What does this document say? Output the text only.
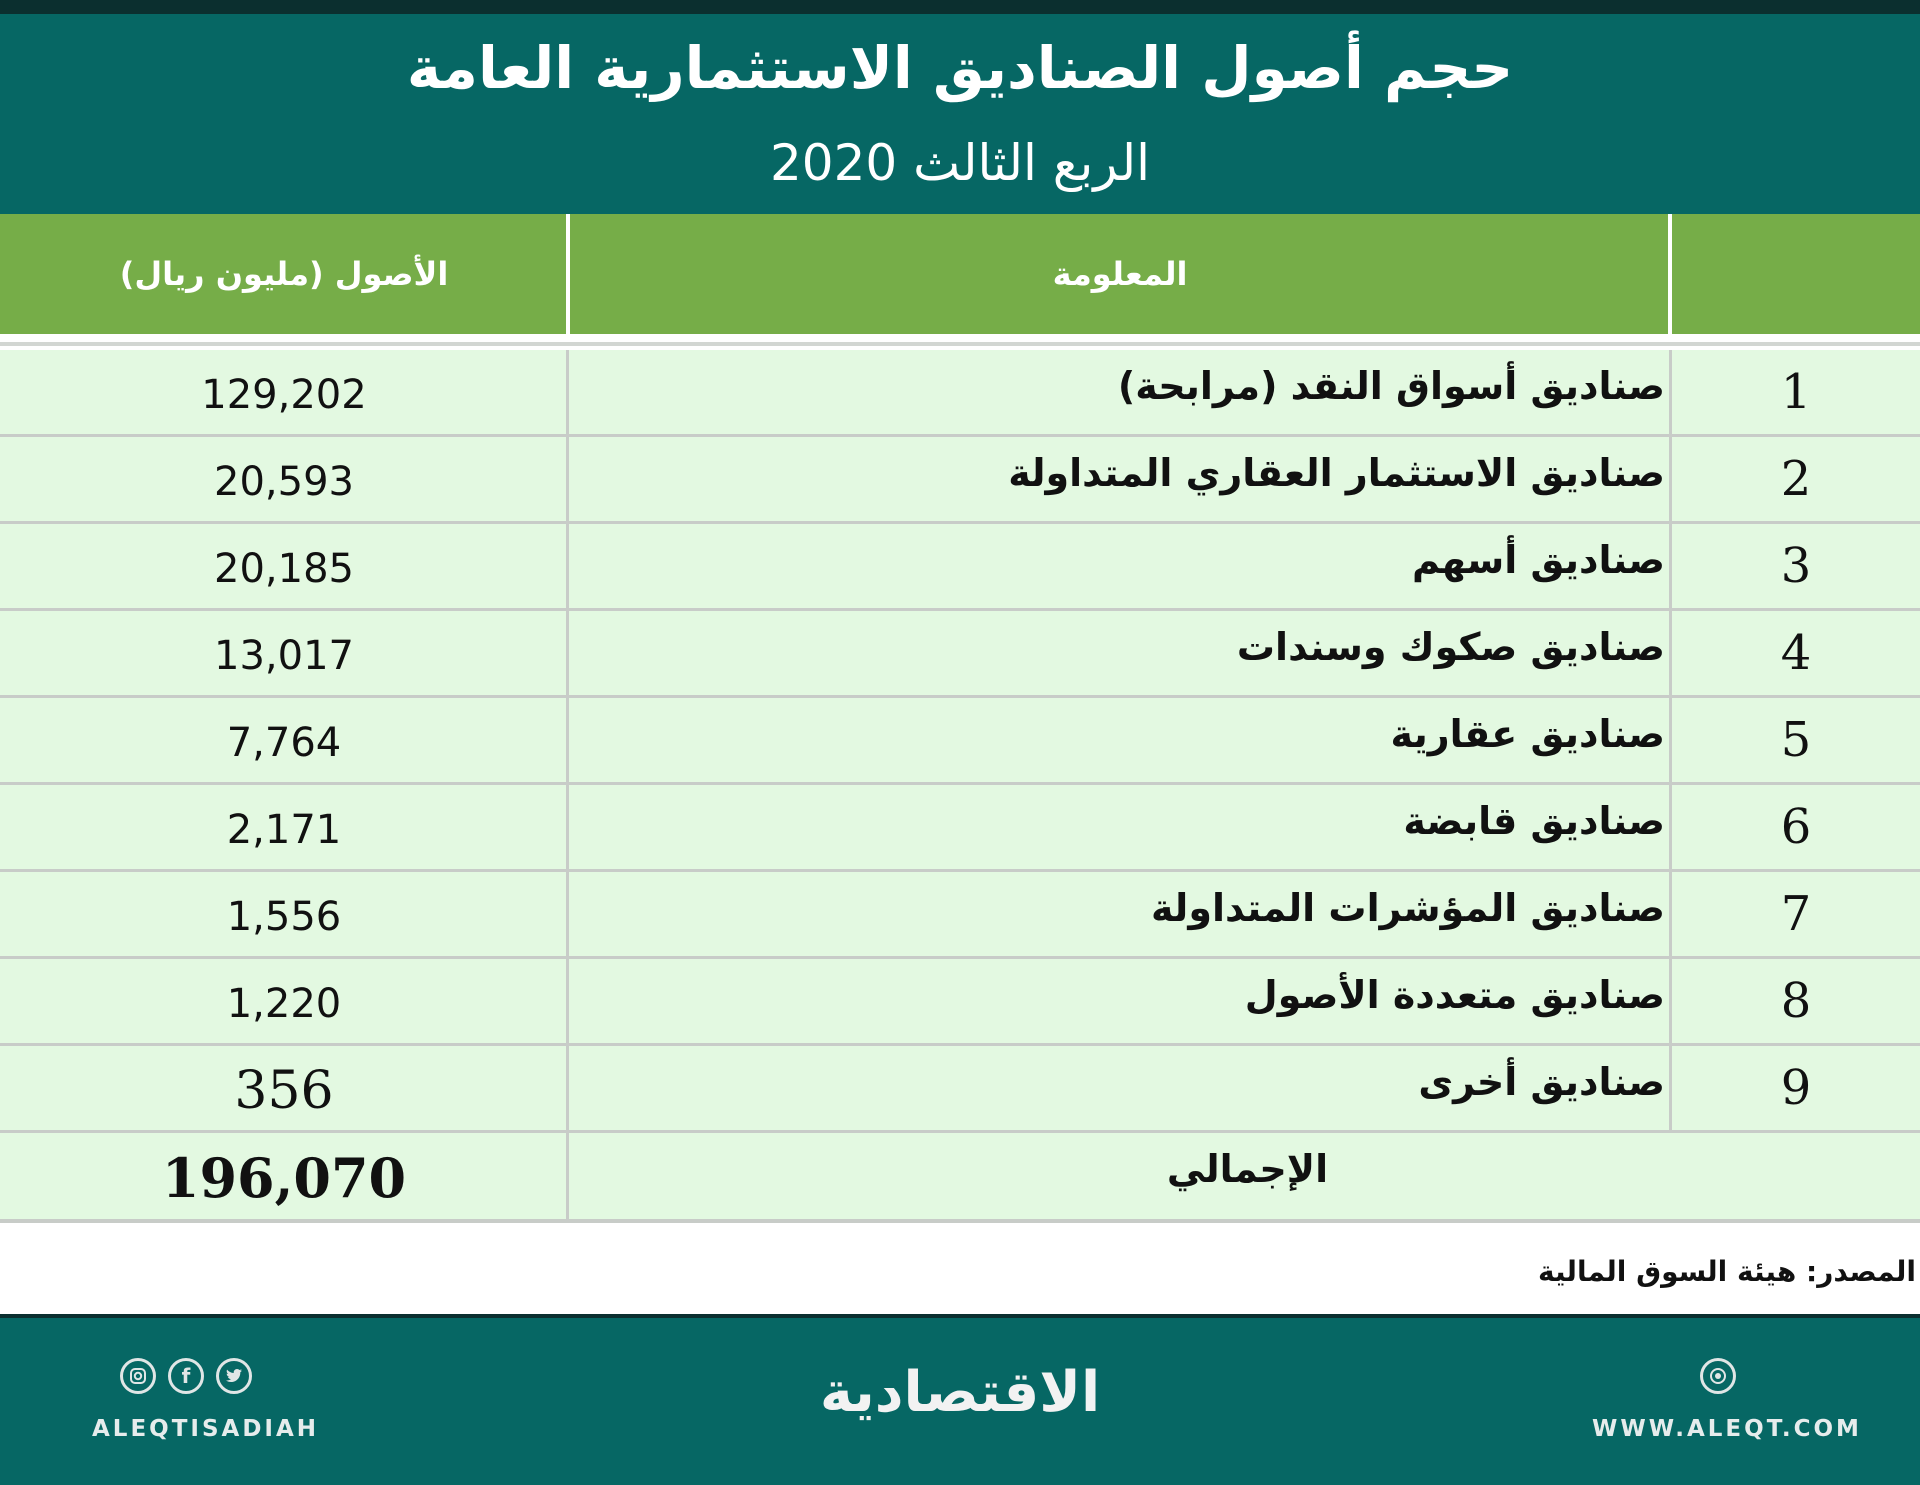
حجم أصول الصناديق الاستثمارية العامة
الربع الثالث 2020
الأصول (مليون ريال)	المعلومة
1
صناديق أسواق النقد (مرابحة)
129,202
2
صناديق الاستثمار العقاري المتداولة
20,593
3
صناديق أسهم
20,185
4
صناديق صكوك وسندات
13,017
5
صناديق عقارية
7,764
6
صناديق قابضة
2,171
7
صناديق المؤشرات المتداولة
1,556
8
صناديق متعددة الأصول
1,220
9
صناديق أخرى
356
الإجمالي
196,070
المصدر: هيئة السوق المالية
f
ALEQTISADIAH
الاقتصادية
WWW.ALEQT.COM
